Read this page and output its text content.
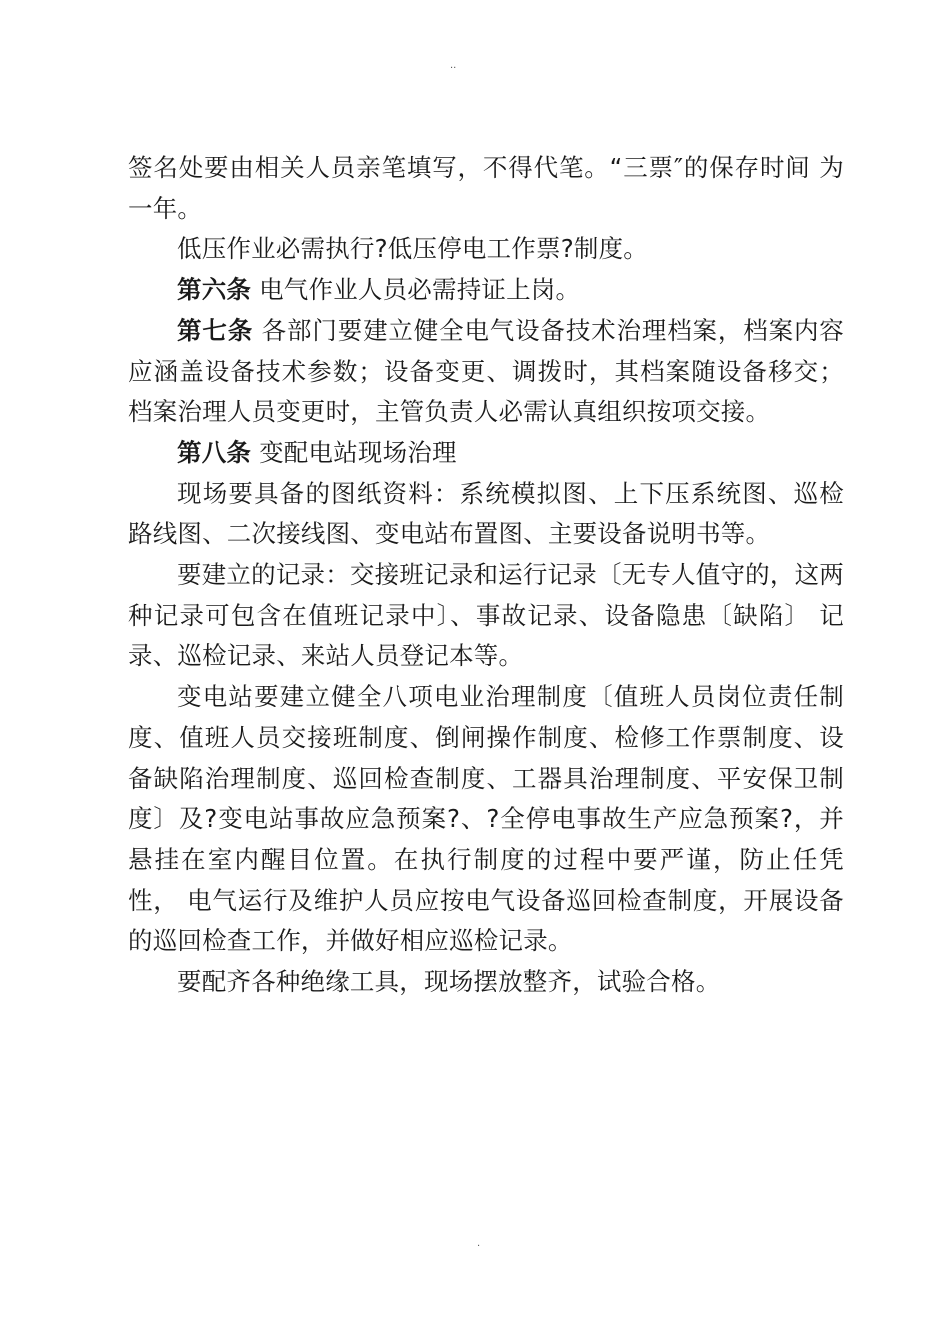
..

签名处要由相关人员亲笔填写，不得代笔。“三票″的保存时间 为一年。

低压作业必需执行?低压停电工作票?制度。

第六条 电气作业人员必需持证上岗。

第七条 各部门要建立健全电气设备技术治理档案，档案内容应涵盖设备技术参数；设备变更、调拨时，其档案随设备移交； 档案治理人员变更时，主管负责人必需认真组织按项交接。

第八条 变配电站现场治理

现场要具备的图纸资料：系统模拟图、上下压系统图、巡检 路线图、二次接线图、变电站布置图、主要设备说明书等。

要建立的记录：交接班记录和运行记录〔无专人值守的，这两种记录可包含在值班记录中〕、事故记录、设备隐患〔缺陷〕 记录、巡检记录、来站人员登记本等。

变电站要建立健全八项电业治理制度〔值班人员岗位责任制度、值班人员交接班制度、倒闸操作制度、检修工作票制度、设备缺陷治理制度、巡回检查制度、工器具治理制度、平安保卫制度〕及?变电站事故应急预案?、?全停电事故生产应急预案?，并悬挂在室内醒目位置。在执行制度的过程中要严谨，防止任凭性， 电气运行及维护人员应按电气设备巡回检查制度，开展设备的巡回检查工作，并做好相应巡检记录。

要配齐各种绝缘工具，现场摆放整齐，试验合格。

.
